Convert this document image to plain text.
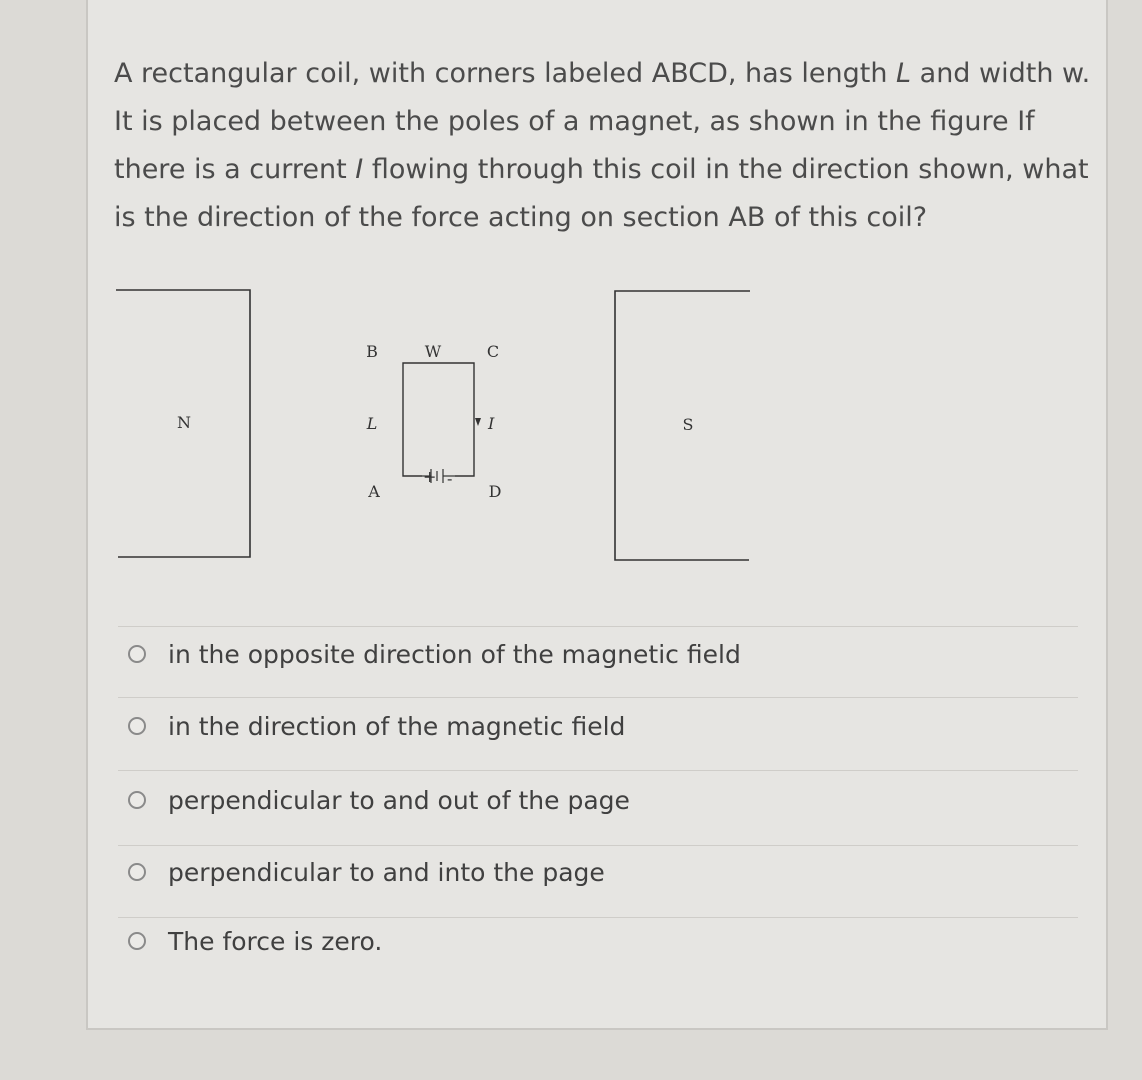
A rectangular coil, with corners labeled ABCD, has length L and width w. It is placed between the poles of a magnet, as shown in the figure If there is a current I flowing through this coil in the direction shown, what is the direction of the force acting on section AB of this coil?
N	S
+ -
I
B	W	C
L
A	D
in the opposite direction of the magnetic field
in the direction of the magnetic field
perpendicular to and out of the page
perpendicular to and into the page
The force is zero.
